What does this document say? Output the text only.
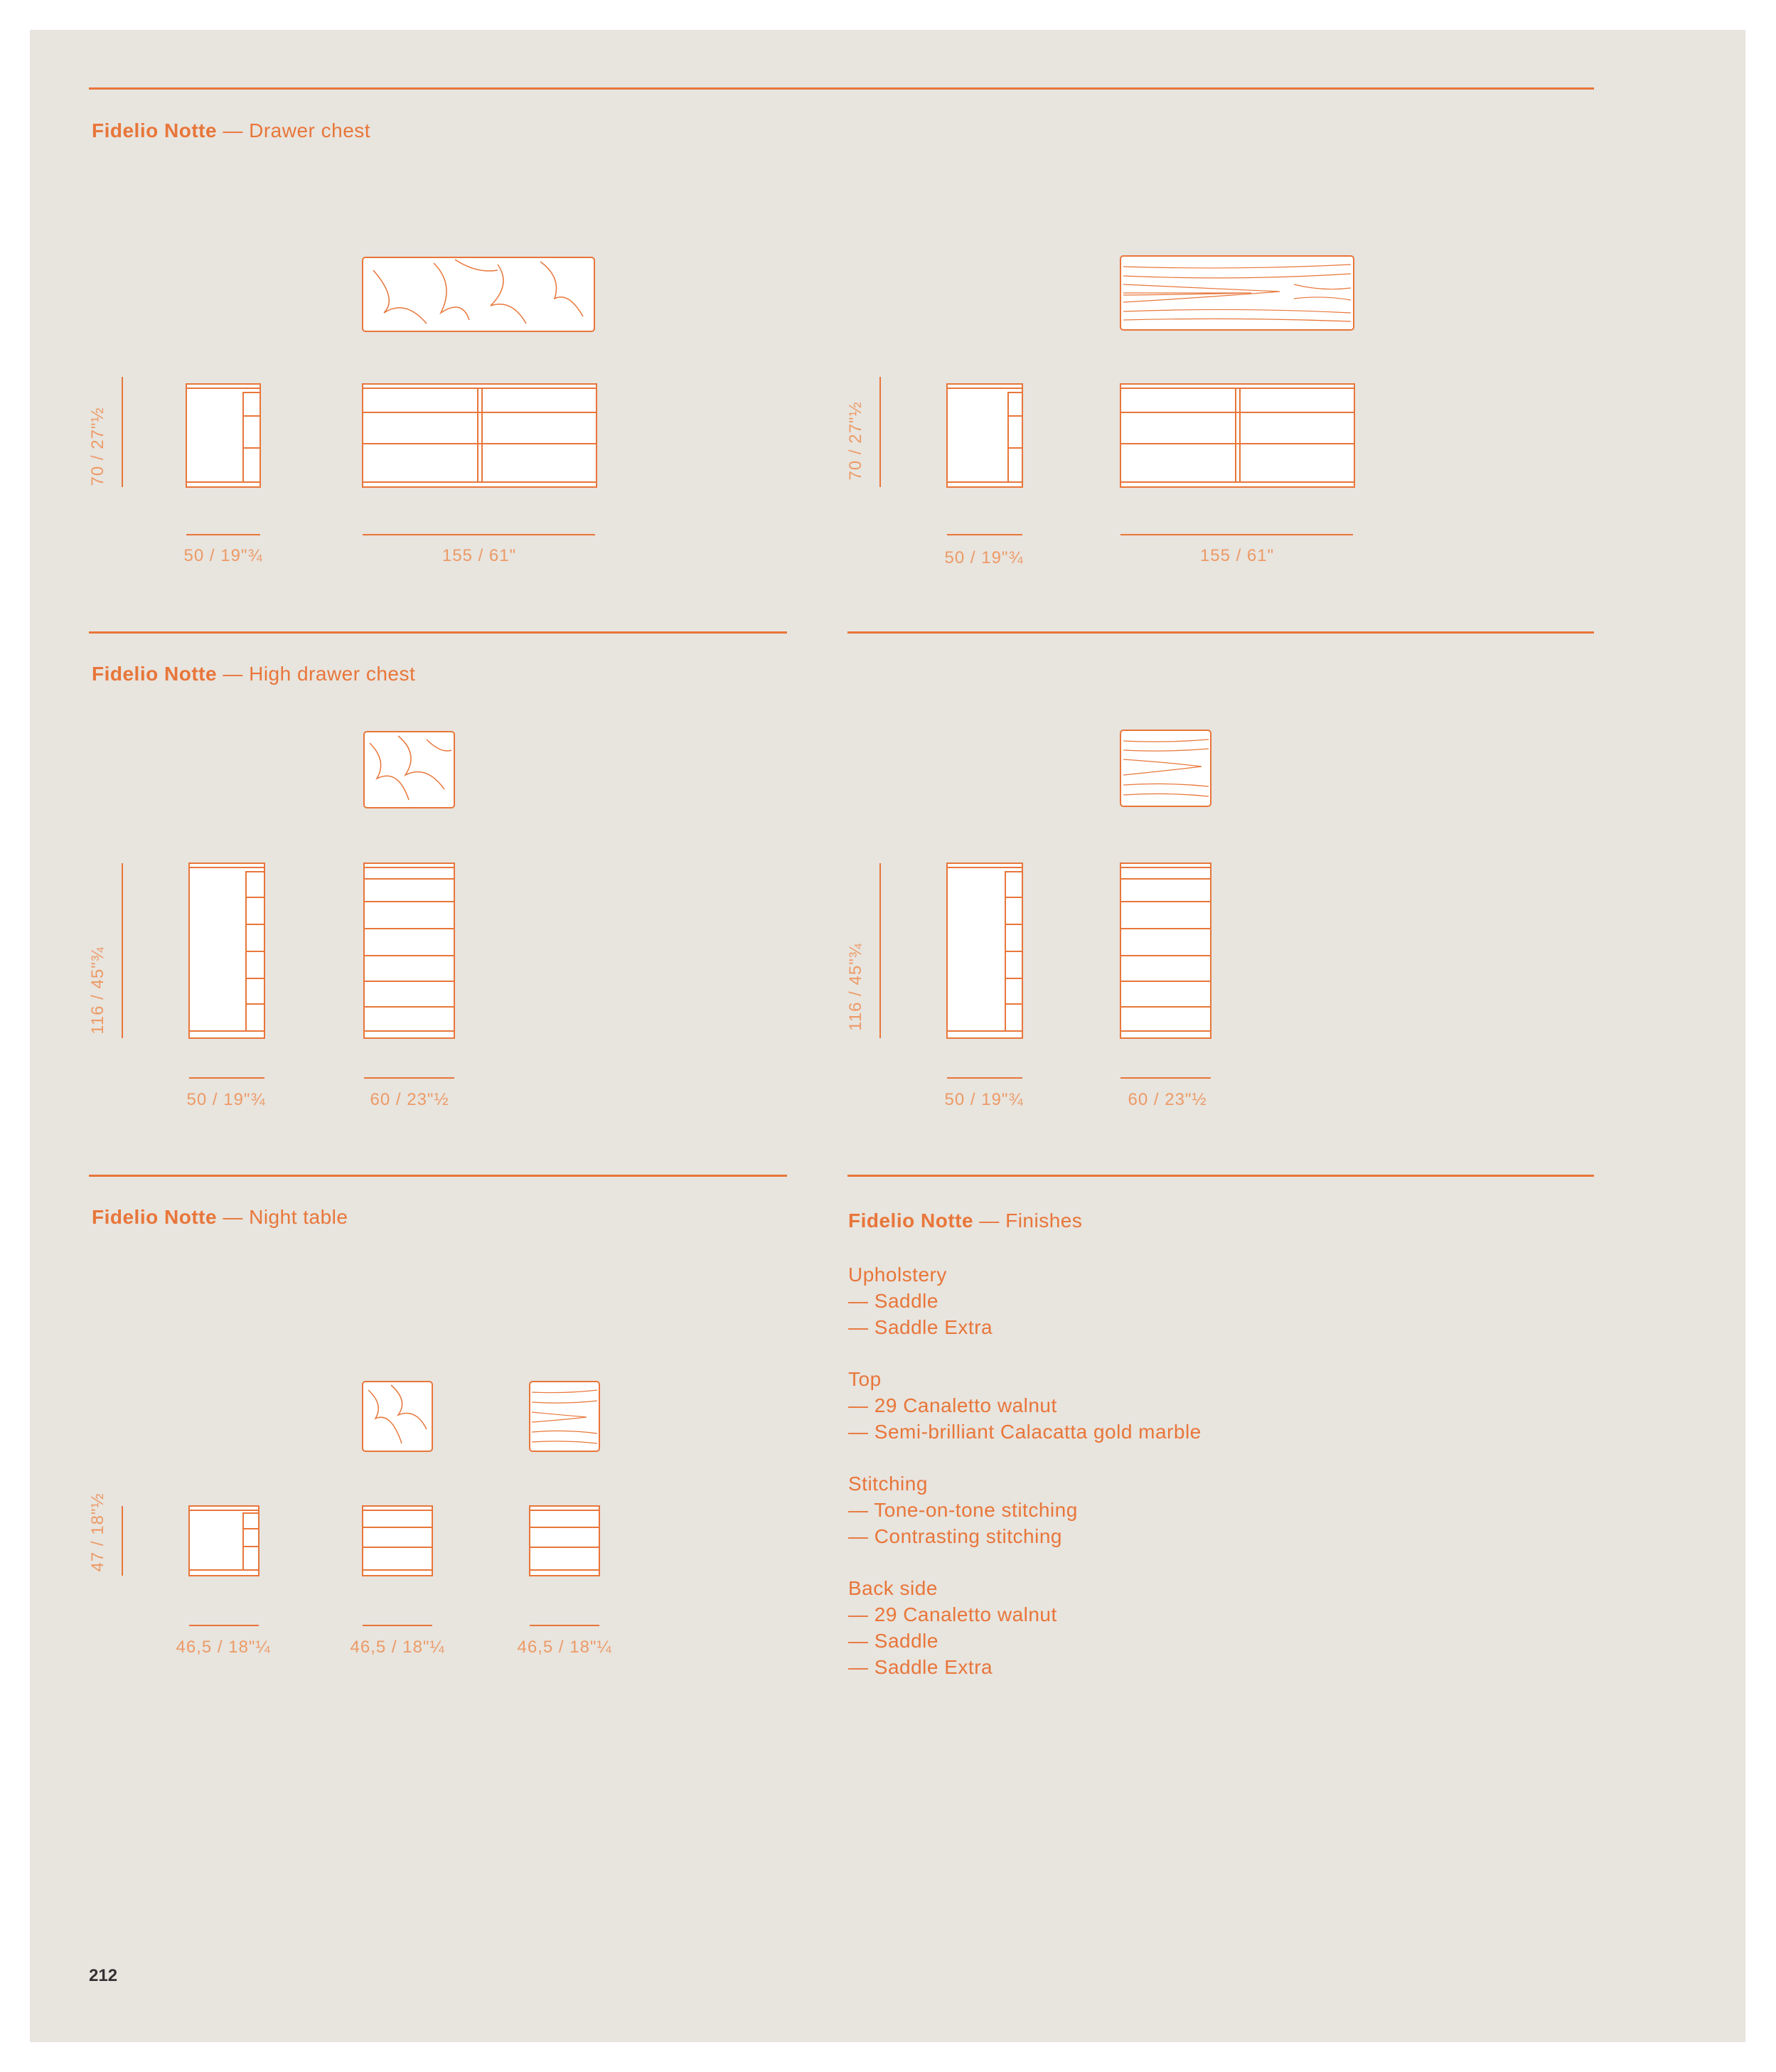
Fidelio Notte — Drawer chest
Fidelio Notte — High drawer chest
Fidelio Notte — Night table
70 / 27"½
50 / 19"¾	155 / 61"
70 / 27"½
50 / 19"¾	155 / 61"
116 / 45"¾
50 / 19"¾	60 / 23"½
116 / 45"¾
50 / 19"¾	60 / 23"½
47 / 18"½
46,5 / 18"¼	46,5 / 18"¼	46,5 / 18"¼
Fidelio Notte — Finishes
Upholstery
— Saddle
— Saddle Extra
Top
— 29 Canaletto walnut
— Semi-brilliant Calacatta gold marble
Stitching
— Tone-on-tone stitching
— Contrasting stitching
Back side
— 29 Canaletto walnut
— Saddle
— Saddle Extra
212
